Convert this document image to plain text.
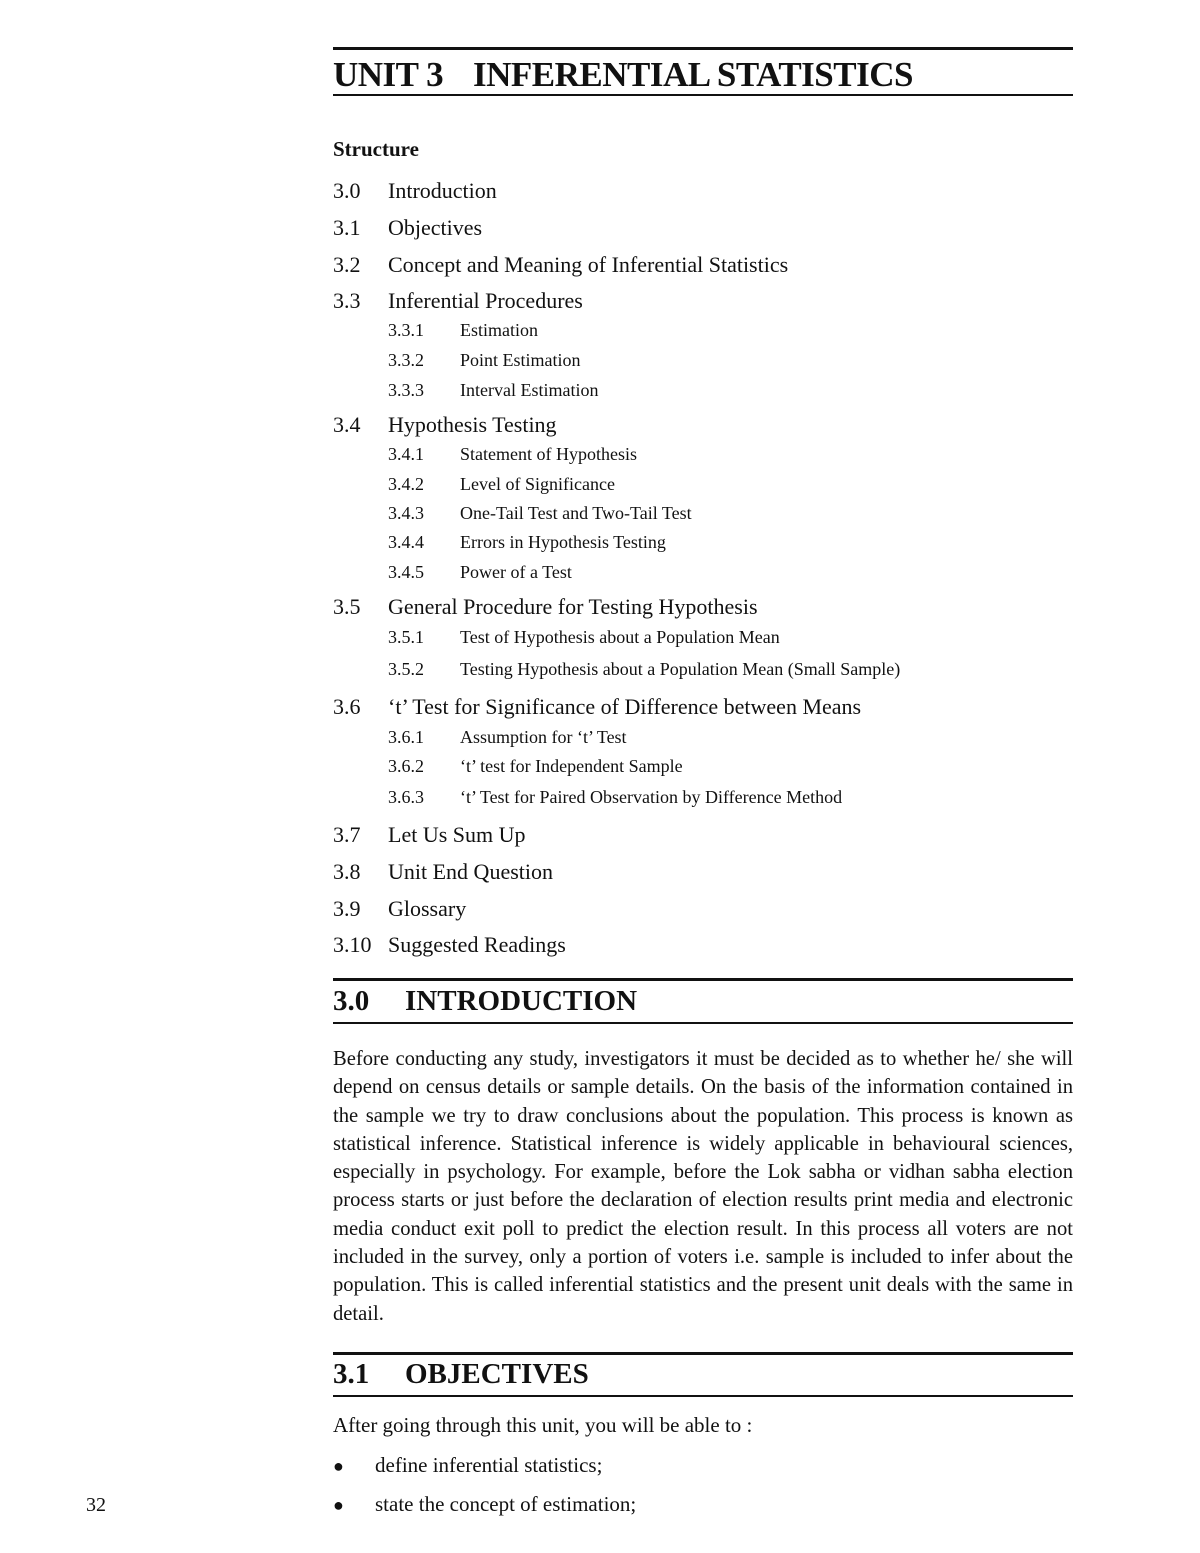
UNIT 3 INFERENTIAL STATISTICS
Structure
3.0 Introduction
3.1 Objectives
3.2 Concept and Meaning of Inferential Statistics
3.3 Inferential Procedures
3.3.1 Estimation
3.3.2 Point Estimation
3.3.3 Interval Estimation
3.4 Hypothesis Testing
3.4.1 Statement of Hypothesis
3.4.2 Level of Significance
3.4.3 One-Tail Test and Two-Tail Test
3.4.4 Errors in Hypothesis Testing
3.4.5 Power of a Test
3.5 General Procedure for Testing Hypothesis
3.5.1 Test of Hypothesis about a Population Mean
3.5.2 Testing Hypothesis about a Population Mean (Small Sample)
3.6 ‘t’ Test for Significance of Difference between Means
3.6.1 Assumption for ‘t’ Test
3.6.2 ‘t’ test for Independent Sample
3.6.3 ‘t’ Test for Paired Observation by Difference Method
3.7 Let Us Sum Up
3.8 Unit End Question
3.9 Glossary
3.10 Suggested Readings
3.0 INTRODUCTION
Before conducting any study, investigators it must be decided as to whether he/ she will depend on census details or sample details. On the basis of the information contained in the sample we try to draw conclusions about the population. This process is known as statistical inference. Statistical inference is widely applicable in behavioural sciences, especially in psychology. For example, before the Lok sabha or vidhan sabha election process starts or just before the declaration of election results print media and electronic media conduct exit poll to predict the election result. In this process all voters are not included in the survey, only a portion of voters i.e. sample is included to infer about the population. This is called inferential statistics and the present unit deals with the same in detail.
3.1 OBJECTIVES
After going through this unit, you will be able to :
● define inferential statistics;
● state the concept of estimation;
32
